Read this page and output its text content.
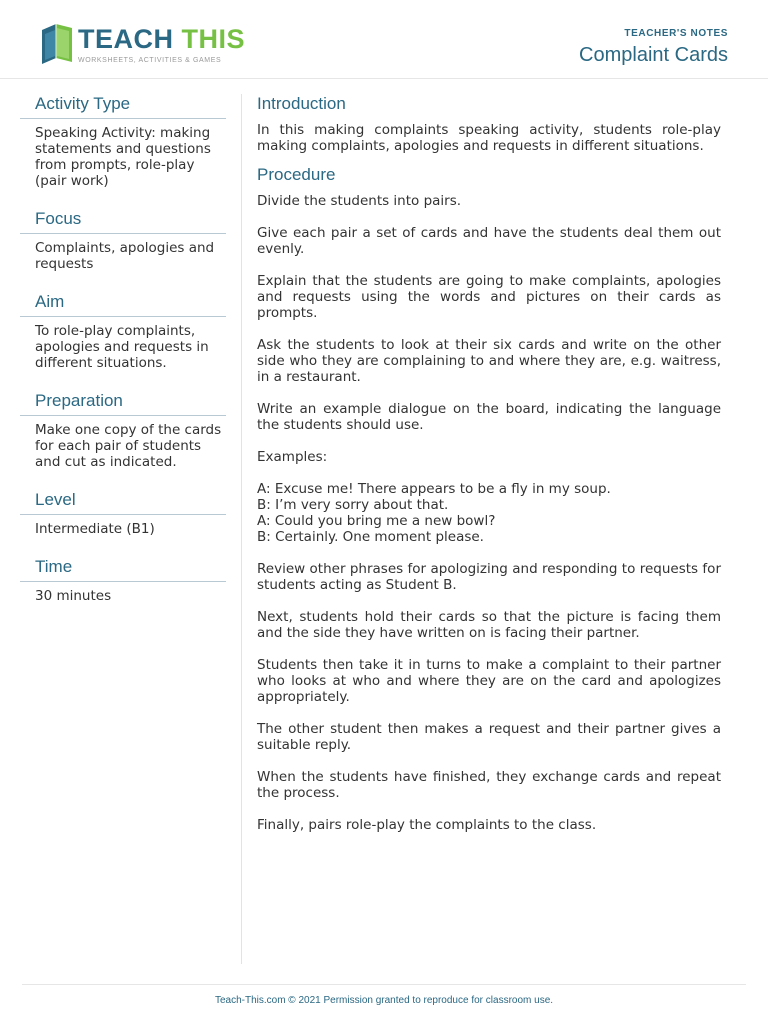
TEACH THIS
WORKSHEETS, ACTIVITIES & GAMES
TEACHER'S NOTES
Complaint Cards
Activity Type
Speaking Activity: making statements and questions from prompts, role-play (pair work)
Focus
Complaints, apologies and requests
Aim
To role-play complaints, apologies and requests in different situations.
Preparation
Make one copy of the cards for each pair of students and cut as indicated.
Level
Intermediate (B1)
Time
30 minutes
Introduction

In this making complaints speaking activity, students role-play making complaints, apologies and requests in different situations.

Procedure

Divide the students into pairs.

Give each pair a set of cards and have the students deal them out evenly.

Explain that the students are going to make complaints, apologies and requests using the words and pictures on their cards as prompts.

Ask the students to look at their six cards and write on the other side who they are complaining to and where they are, e.g. waitress, in a restaurant.

Write an example dialogue on the board, indicating the language the students should use.

Examples:

A: Excuse me! There appears to be a fly in my soup.

B: I’m very sorry about that.

A: Could you bring me a new bowl?

B: Certainly. One moment please.

Review other phrases for apologizing and responding to requests for students acting as Student B.

Next, students hold their cards so that the picture is facing them and the side they have written on is facing their partner.

Students then take it in turns to make a complaint to their partner who looks at who and where they are on the card and apologizes appropriately.

The other student then makes a request and their partner gives a suitable reply.

When the students have finished, they exchange cards and repeat the process.

Finally, pairs role-play the complaints to the class.

Teach-This.com © 2021 Permission granted to reproduce for classroom use.
